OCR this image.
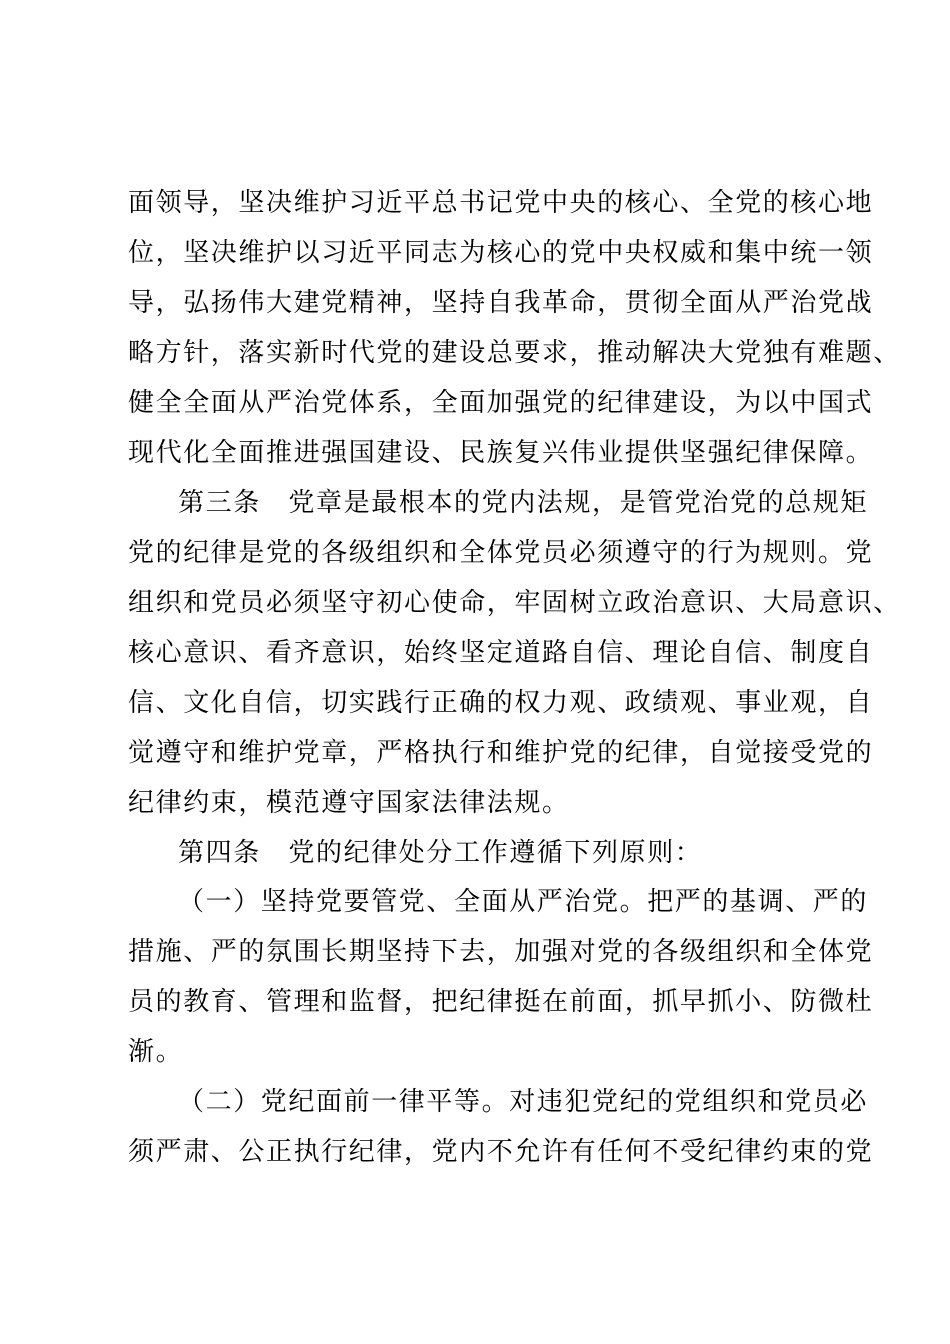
面领导，坚决维护习近平总书记党中央的核心、全党的核心地
位，坚决维护以习近平同志为核心的党中央权威和集中统一领
导，弘扬伟大建党精神，坚持自我革命，贯彻全面从严治党战
略方针，落实新时代党的建设总要求，推动解决大党独有难题、
健全全面从严治党体系，全面加强党的纪律建设，为以中国式
现代化全面推进强国建设、民族复兴伟业提供坚强纪律保障。
第三条　党章是最根本的党内法规，是管党治党的总规矩
党的纪律是党的各级组织和全体党员必须遵守的行为规则。党
组织和党员必须坚守初心使命，牢固树立政治意识、大局意识、
核心意识、看齐意识，始终坚定道路自信、理论自信、制度自
信、文化自信，切实践行正确的权力观、政绩观、事业观，自
觉遵守和维护党章，严格执行和维护党的纪律，自觉接受党的
纪律约束，模范遵守国家法律法规。
第四条　党的纪律处分工作遵循下列原则：
（一）坚持党要管党、全面从严治党。把严的基调、严的
措施、严的氛围长期坚持下去，加强对党的各级组织和全体党
员的教育、管理和监督，把纪律挺在前面，抓早抓小、防微杜
渐。
（二）党纪面前一律平等。对违犯党纪的党组织和党员必
须严肃、公正执行纪律，党内不允许有任何不受纪律约束的党
